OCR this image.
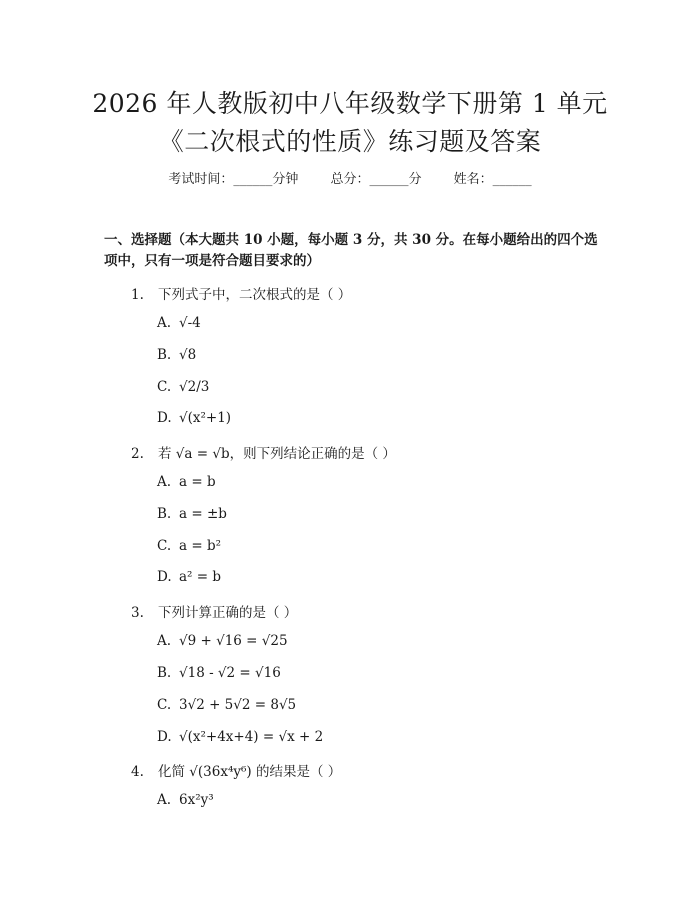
2026 年人教版初中八年级数学下册第 1 单元
《二次根式的性质》练习题及答案
考试时间：______分钟 总分：______分 姓名：______
一、选择题（本大题共 10 小题，每小题 3 分，共 30 分。在每小题给出的四个选
项中，只有一项是符合题目要求的）
1. 下列式子中，二次根式的是（ ）
A. √-4
B. √8
C. √2/3
D. √(x²+1)
2. 若 √a = √b，则下列结论正确的是（ ）
A. a = b
B. a = ±b
C. a = b²
D. a² = b
3. 下列计算正确的是（ ）
A. √9 + √16 = √25
B. √18 - √2 = √16
C. 3√2 + 5√2 = 8√5
D. √(x²+4x+4) = √x + 2
4. 化简 √(36x⁴y⁶) 的结果是（ ）
A. 6x²y³
